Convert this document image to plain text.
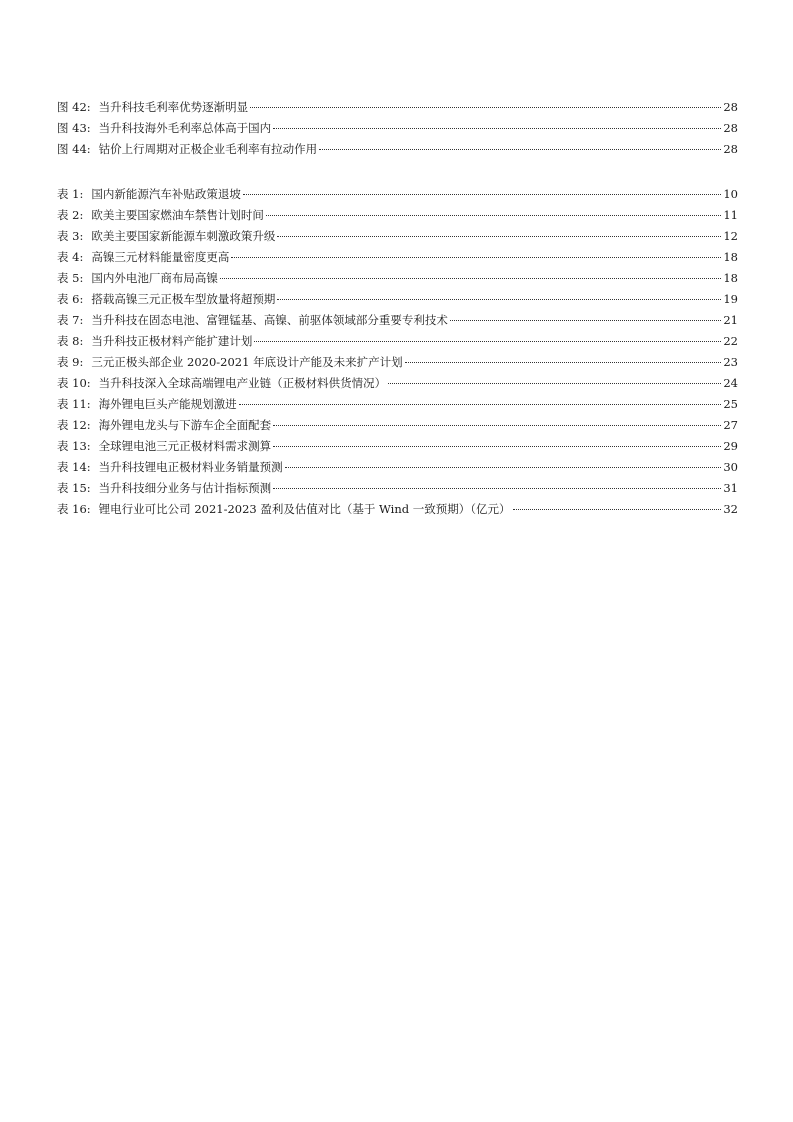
图 42: 当升科技毛利率优势逐渐明显	28
图 43: 当升科技海外毛利率总体高于国内	28
图 44: 钴价上行周期对正极企业毛利率有拉动作用	28
表 1: 国内新能源汽车补贴政策退坡	10
表 2: 欧美主要国家燃油车禁售计划时间	11
表 3: 欧美主要国家新能源车刺激政策升级	12
表 4: 高镍三元材料能量密度更高	18
表 5: 国内外电池厂商布局高镍	18
表 6: 搭载高镍三元正极车型放量将超预期	19
表 7: 当升科技在固态电池、富锂锰基、高镍、前驱体领域部分重要专利技术	21
表 8: 当升科技正极材料产能扩建计划	22
表 9: 三元正极头部企业 2020-2021 年底设计产能及未来扩产计划	23
表 10: 当升科技深入全球高端锂电产业链（正极材料供货情况）	24
表 11: 海外锂电巨头产能规划激进	25
表 12: 海外锂电龙头与下游车企全面配套	27
表 13: 全球锂电池三元正极材料需求测算	29
表 14: 当升科技锂电正极材料业务销量预测	30
表 15: 当升科技细分业务与估计指标预测	31
表 16: 锂电行业可比公司 2021-2023 盈利及估值对比（基于 Wind 一致预期）（亿元）	32
